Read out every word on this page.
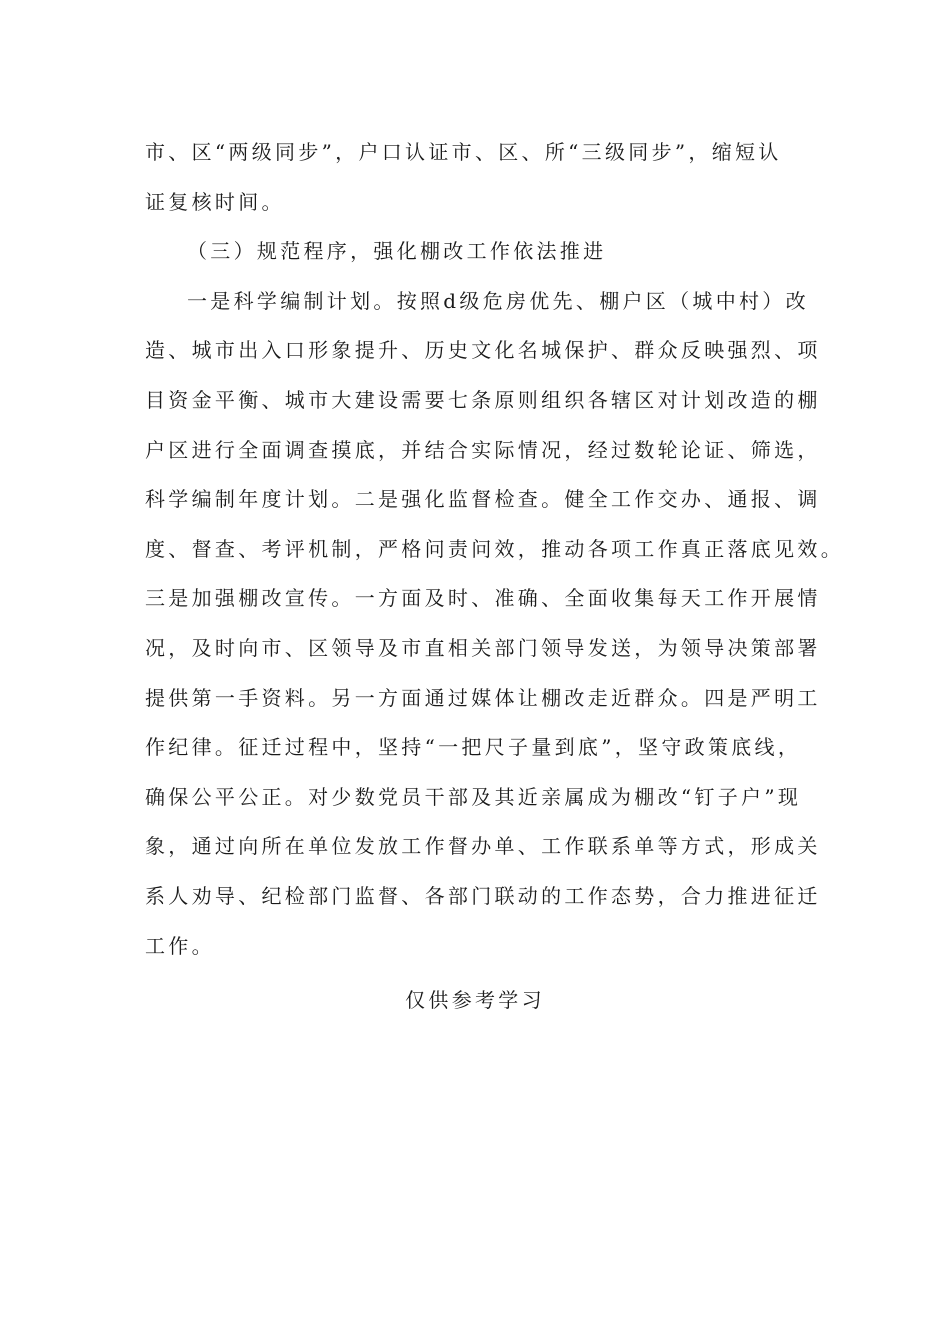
市、区“两级同步”，户口认证市、区、所“三级同步”，缩短认
证复核时间。
（三）规范程序，强化棚改工作依法推进
一是科学编制计划。按照d级危房优先、棚户区（城中村）改
造、城市出入口形象提升、历史文化名城保护、群众反映强烈、项
目资金平衡、城市大建设需要七条原则组织各辖区对计划改造的棚
户区进行全面调查摸底，并结合实际情况，经过数轮论证、筛选，
科学编制年度计划。二是强化监督检查。健全工作交办、通报、调
度、督查、考评机制，严格问责问效，推动各项工作真正落底见效。
三是加强棚改宣传。一方面及时、准确、全面收集每天工作开展情
况，及时向市、区领导及市直相关部门领导发送，为领导决策部署
提供第一手资料。另一方面通过媒体让棚改走近群众。四是严明工
作纪律。征迁过程中，坚持“一把尺子量到底”，坚守政策底线，
确保公平公正。对少数党员干部及其近亲属成为棚改“钉子户”现
象，通过向所在单位发放工作督办单、工作联系单等方式，形成关
系人劝导、纪检部门监督、各部门联动的工作态势，合力推进征迁
工作。
仅供参考学习
